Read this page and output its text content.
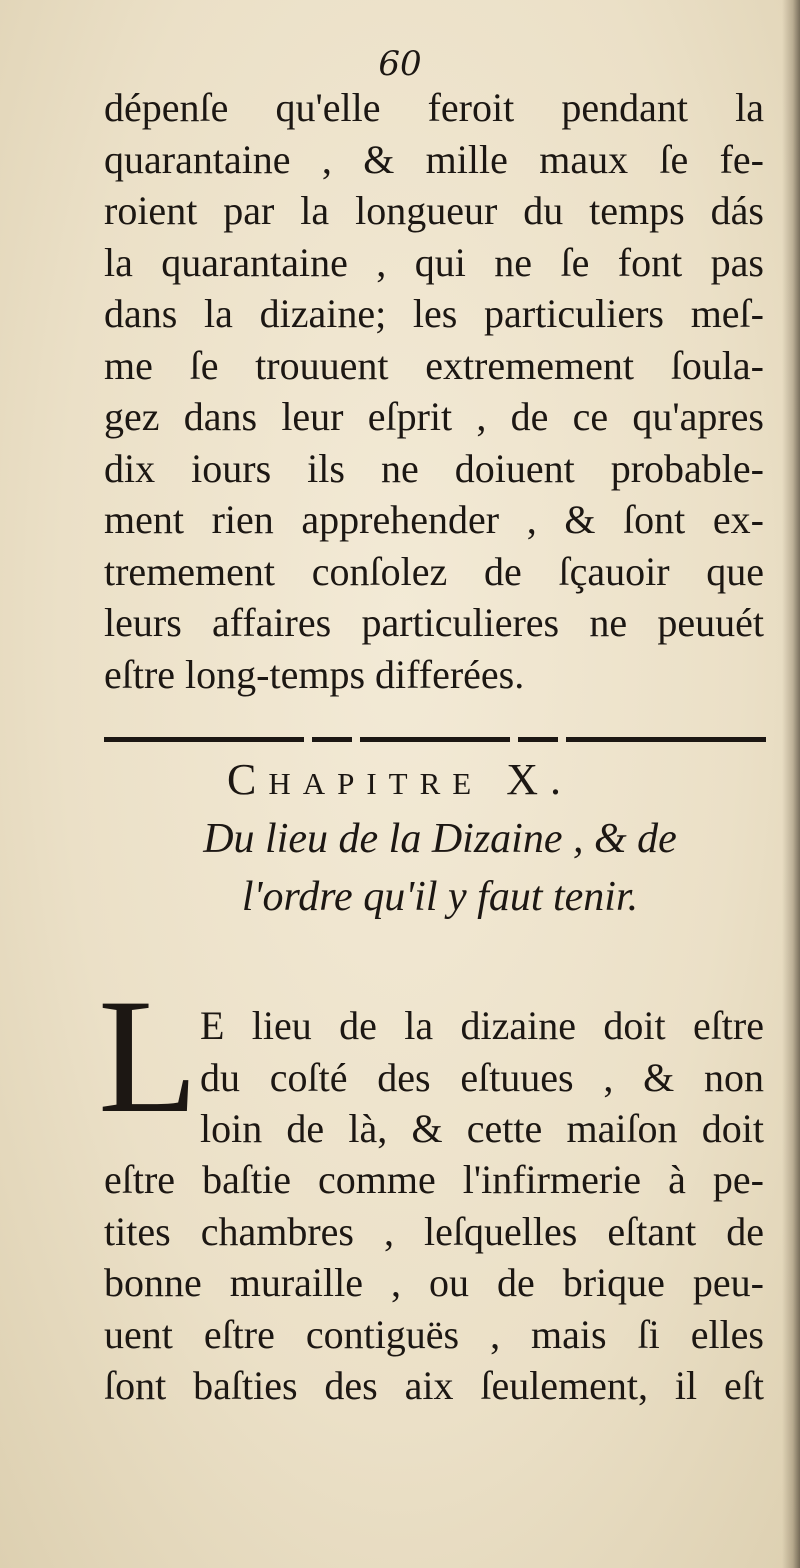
60
dépenſe qu'elle feroit pendant la
quarantaine , & mille maux ſe fe-
roient par la longueur du temps dás
la quarantaine , qui ne ſe font pas
dans la dizaine; les particuliers meſ-
me ſe trouuent extremement ſoula-
gez dans leur eſprit , de ce qu'apres
dix iours ils ne doiuent probable-
ment rien apprehender , & ſont ex-
tremement conſolez de ſçauoir que
leurs affaires particulieres ne peuuét
eſtre long-temps differées.
Chapitre X.
Du lieu de la Dizaine , & de
l'ordre qu'il y faut tenir.
L E lieu de la dizaine doit eſtre
du coſté des eſtuues , & non
loin de là, & cette maiſon doit
eſtre baſtie comme l'infirmerie à pe-
tites chambres , leſquelles eſtant de
bonne muraille , ou de brique peu-
uent eſtre contiguës , mais ſi elles
ſont baſties des aix ſeulement, il eſt
